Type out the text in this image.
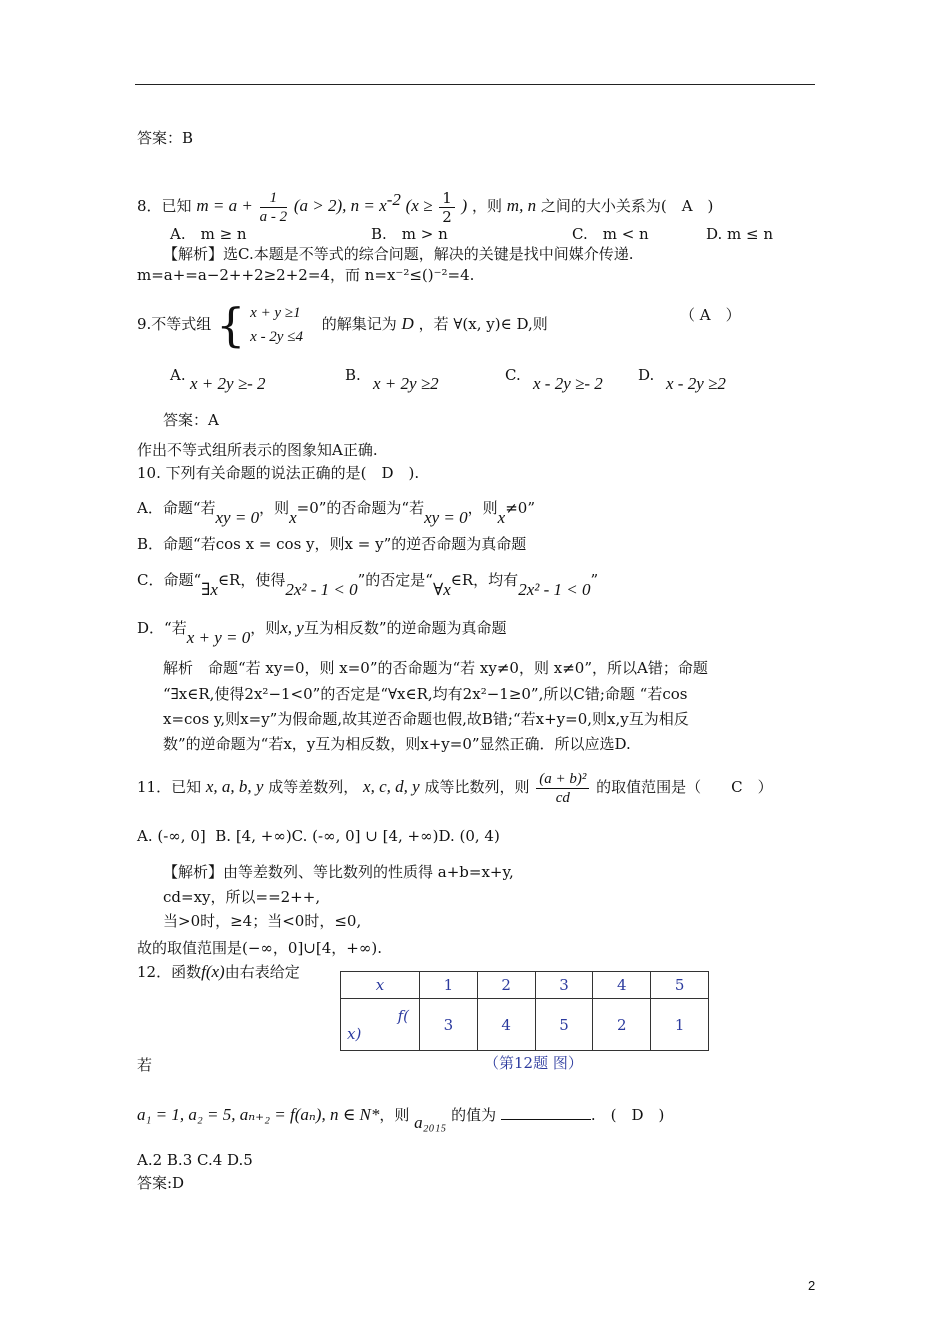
答案：B
8．已知 $m = a + \frac{1}{a - 2} (a > 2)$, $n = x^{-2}$ ($x \ge \frac{1}{2}$ ) ，则 m, n 之间的大小关系为(　A　)
A.　m ≥ n	B.　m > n	C.　m < n	D. m ≤ n
【解析】选C.本题是不等式的综合问题，解决的关键是找中间媒介传递.
m=a+=a−2++2≥2+2=4，而 n=x⁻²≤()⁻²=4.
9.不等式组 { x + y ≥1
x - 2y ≤4
的解集记为 D ，若 ∀(x, y)∈ D,则	（ A　）
A. x + 2y ≥- 2	B. x + 2y ≥2	C. x - 2y ≥- 2 D. x - 2y ≥2
答案：A
作出不等式组所表示的图象知A正确.
10. 下列有关命题的说法正确的是(　D　).
A．命题“若xy = 0，则x=0”的否命题为“若xy = 0，则x≠0”
B．命题“若cos x = cos y，则x = y”的逆否命题为真命题
C．命题“∃x∈R，使得2x² - 1 < 0”的否定是“∀x∈R，均有2x² - 1 < 0”
D．“若x + y = 0，则x, y互为相反数”的逆命题为真命题
解析　命题“若 xy=0，则 x=0”的否命题为“若 xy≠0，则 x≠0”，所以A错；命题
“∃x∈R,使得2x²−1<0”的否定是“∀x∈R,均有2x²−1≥0”,所以C错;命题 “若cos
x=cos y,则x=y”为假命题,故其逆否命题也假,故B错;“若x+y=0,则x,y互为相反
数”的逆命题为“若x，y互为相反数，则x+y=0”显然正确．所以应选D.
11．已知 x, a, b, y 成等差数列， x, c, d, y 成等比数列，则 $\frac{\text{(a + b)²}}{cd}$ 的取值范围是（　　C　）
A. (-∞, 0] B. [4, +∞)C. (-∞, 0] ∪ [4, +∞)D. (0, 4)
【解析】由等差数列、等比数列的性质得 a+b=x+y,
cd=xy，所以==2++,
当>0时，≥4；当<0时，≤0,
故的取值范围是(−∞，0]∪[4，+∞).
12．函数f(x)由右表给定
x	1	2	3	4	5

f(
x)	3	4	5	2	1
（第12题 图）
若
a₁ = 1, a₂ = 5, aₙ₊₂ = f(aₙ), n ∈ N*，则 a₂₀₁₅ 的值为	.　(　D　)
A.2 B.3 C.4 D.5
答案:D
2
